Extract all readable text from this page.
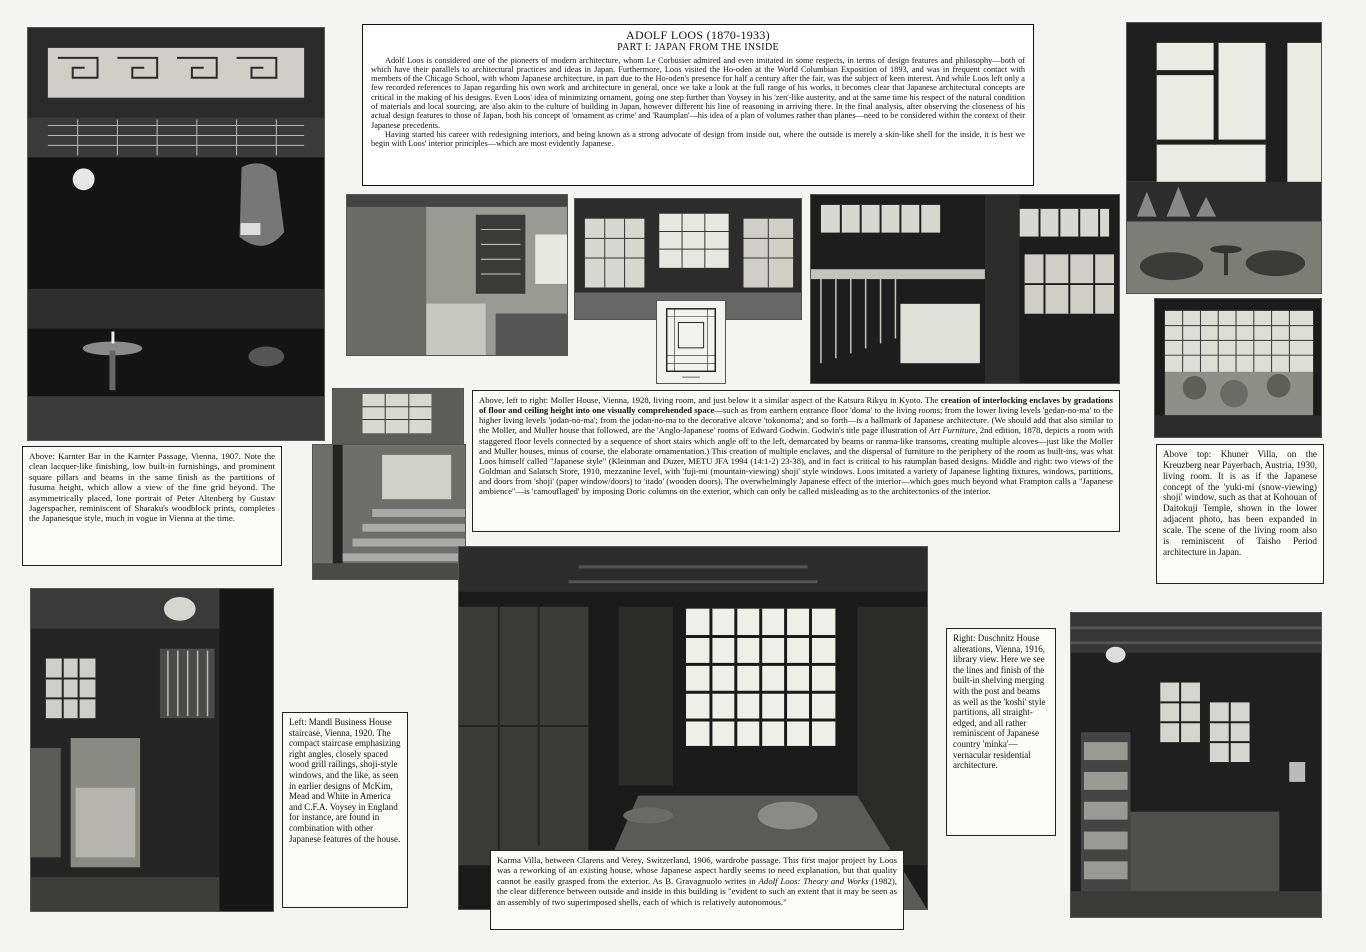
ADOLF LOOS (1870-1933)
PART I: JAPAN FROM THE INSIDE

Adolf Loos is considered one of the pioneers of modern architecture, whom Le Corbusier admired and even imitated in some respects, in terms of design features and philosophy—both of which have their parallels to architectural practices and ideas in Japan. Furthermore, Loos visited the Ho-oden at the World Columbian Exposition of 1893, and was in frequent contact with members of the Chicago School, with whom Japanese architecture, in part due to the Ho-oden's presence for half a century after the fair, was the subject of keen interest. And while Loos left only a few recorded references to Japan regarding his own work and architecture in general, once we take a look at the full range of his works, it becomes clear that Japanese architectural concepts are critical in the making of his designs. Even Loos' idea of minimizing ornament, going one step further than Voysey in his 'zen'-like austerity, and at the same time his respect of the natural condition of materials and local sourcing, are also akin to the culture of building in Japan, however different his line of reasoning in arriving there. In the final analysis, after observing the closeness of his actual design features to those of Japan, both his concept of 'ornament as crime' and 'Raumplan'—his idea of a plan of volumes rather than planes—need to be considered within the context of their Japanese precedents.

Having started his career with redesigning interiors, and being known as a strong advocate of design from inside out, where the outside is merely a skin-like shell for the inside, it is best we begin with Loos' interior principles—which are most evidently Japanese.

Above: Karnter Bar in the Karnter Passage, Vienna, 1907. Note the clean lacquer-like finishing, low built-in furnishings, and prominent square pillars and beams in the same finish as the partitions of fusuma height, which allow a view of the fine grid beyond. The asymmetrically placed, lone portrait of Peter Altenberg by Gustav Jagerspacher, reminiscent of Sharaku's woodblock prints, completes the Japanesque style, much in vogue in Vienna at the time.

Above, left to right: Moller House, Vienna, 1928, living room, and just below it a similar aspect of the Katsura Rikyu in Kyoto. The creation of interlocking enclaves by gradations of floor and ceiling height into one visually comprehended space—such as from earthern entrance floor 'doma' to the living rooms; from the lower living levels 'gedan-no-ma' to the higher living levels 'jodan-no-ma'; from the jodan-no-ma to the decorative alcove 'tokonoma'; and so forth—is a hallmark of Japanese architecture. (We should add that also similar to the Moller, and Muller house that followed, are the 'Anglo-Japanese' rooms of Edward Godwin. Godwin's title page illustration of Art Furniture, 2nd edition, 1878, depicts a room with staggered floor levels connected by a sequence of short stairs which angle off to the left, demarcated by beams or ranma-like transoms, creating multiple alcoves—just like the Moller and Muller houses, minus of course, the elaborate ornamentation.) This creation of multiple enclaves, and the dispersal of furniture to the periphery of the room as built-ins, was what Loos himself called "Japanese style" (Kleinman and Duzer, METU JFA 1994 (14:1-2) 23-38), and in fact is critical to his raumplan based designs. Middle and right: two views of the Goldman and Salatsch Store, 1910, mezzanine level, with 'fuji-mi (mountain-viewing) shoji' style windows. Loos imitated a variety of Japanese lighting fixtures, windows, partitions, and doors from 'shoji' (paper window/doors) to 'itado' (wooden doors). The overwhelmingly Japanese effect of the interior—which goes much beyond what Frampton calls a "Japanese ambience"—is 'camouflaged' by imposing Doric columns on the exterior, which can only be called misleading as to the architectonics of the interior.

Above top: Khuner Villa, on the Kreuzberg near Payerbach, Austria, 1930, living room. It is as if the Japanese concept of the 'yuki-mi (snow-viewing) shoji' window, such as that at Kohouan of Daitokuji Temple, shown in the lower adjacent photo, has been expanded in scale. The scene of the living room also is reminiscent of Taisho Period architecture in Japan.

Left: Mandl Business House staircase, Vienna, 1920. The compact staircase emphasizing right angles, closely spaced wood grill railings, shoji-style windows, and the like, as seen in earlier designs of McKim, Mead and White in America and C.F.A. Voysey in England for instance, are found in combination with other Japanese features of the house.

Karma Villa, between Clarens and Verey, Switzerland, 1906, wardrobe passage. This first major project by Loos was a reworking of an existing house, whose Japanese aspect hardly seems to need explanation, but that quality cannot be easily grasped from the exterior. As B. Gravagnuolo writes in Adolf Loos: Theory and Works (1982), the clear difference between outside and inside in this building is "evident to such an extent that it may be seen as an assembly of two superimposed shells, each of which is relatively autonomous."

Right: Duschnitz House alterations, Vienna, 1916, library view. Here we see the lines and finish of the built-in shelving merging with the post and beams as well as the 'koshi' style partitions, all straight-edged, and all rather reminiscent of Japanese country 'minka'—vernacular residential architecture.
